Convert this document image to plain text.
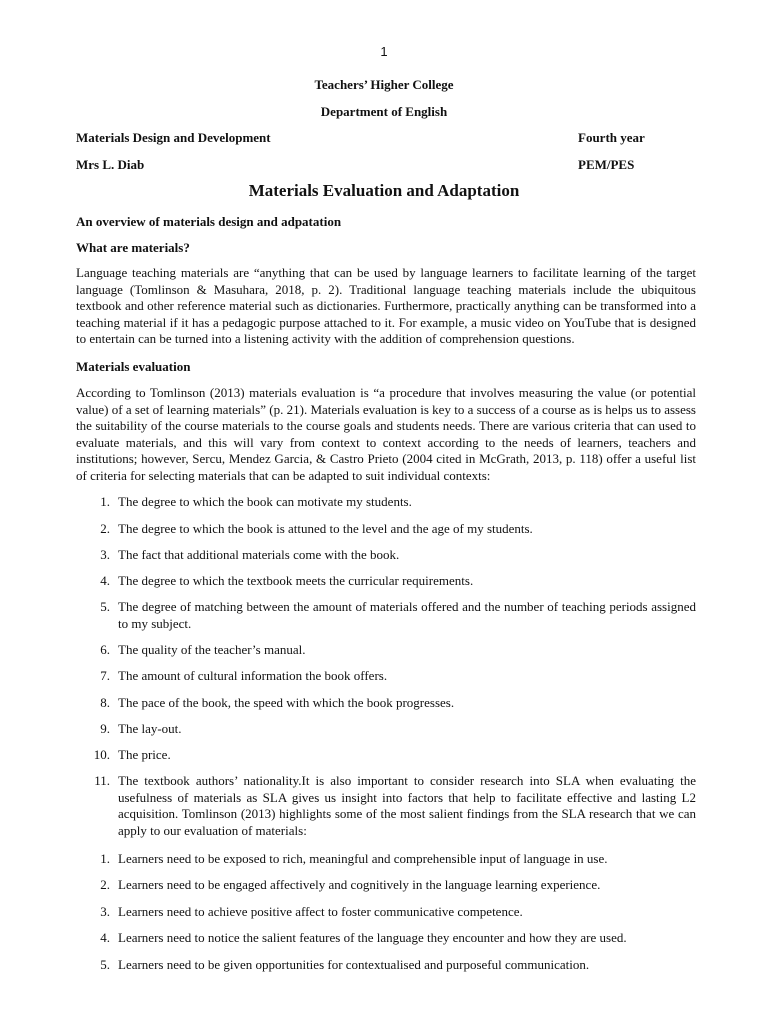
1
Teachers’ Higher College
Department of English
Materials Design and Development	Fourth year
Mrs L. Diab	PEM/PES
Materials Evaluation and Adaptation
An overview of materials design and adpatation
What are materials?

Language teaching materials are “anything that can be used by language learners to facilitate learning of the target language (Tomlinson & Masuhara, 2018, p. 2). Traditional language teaching materials include the ubiquitous textbook and other reference material such as dictionaries. Furthermore, practically anything can be transformed into a teaching material if it has a pedagogic purpose attached to it. For example, a music video on YouTube that is designed to entertain can be turned into a listening activity with the addition of comprehension questions.

Materials evaluation

According to Tomlinson (2013) materials evaluation is “a procedure that involves measuring the value (or potential value) of a set of learning materials” (p. 21). Materials evaluation is key to a success of a course as is helps us to assess the suitability of the course materials to the course goals and students needs. There are various criteria that can used to evaluate materials, and this will vary from context to context according to the needs of learners, teachers and institutions; however, Sercu, Mendez Garcia, & Castro Prieto (2004 cited in McGrath, 2013, p. 118) offer a useful list of criteria for selecting materials that can be adapted to suit individual contexts:

1. The degree to which the book can motivate my students.
2. The degree to which the book is attuned to the level and the age of my students.
3. The fact that additional materials come with the book.
4. The degree to which the textbook meets the curricular requirements.
5. The degree of matching between the amount of materials offered and the number of teaching periods assigned to my subject.
6. The quality of the teacher’s manual.
7. The amount of cultural information the book offers.
8. The pace of the book, the speed with which the book progresses.
9. The lay-out.
10. The price.
11. The textbook authors’ nationality.It is also important to consider research into SLA when evaluating the usefulness of materials as SLA gives us insight into factors that help to facilitate effective and lasting L2 acquisition. Tomlinson (2013) highlights some of the most salient findings from the SLA research that we can apply to our evaluation of materials:
1. Learners need to be exposed to rich, meaningful and comprehensible input of language in use.
2. Learners need to be engaged affectively and cognitively in the language learning experience.
3. Learners need to achieve positive affect to foster communicative competence.
4. Learners need to notice the salient features of the language they encounter and how they are used.
5. Learners need to be given opportunities for contextualised and purposeful communication.
